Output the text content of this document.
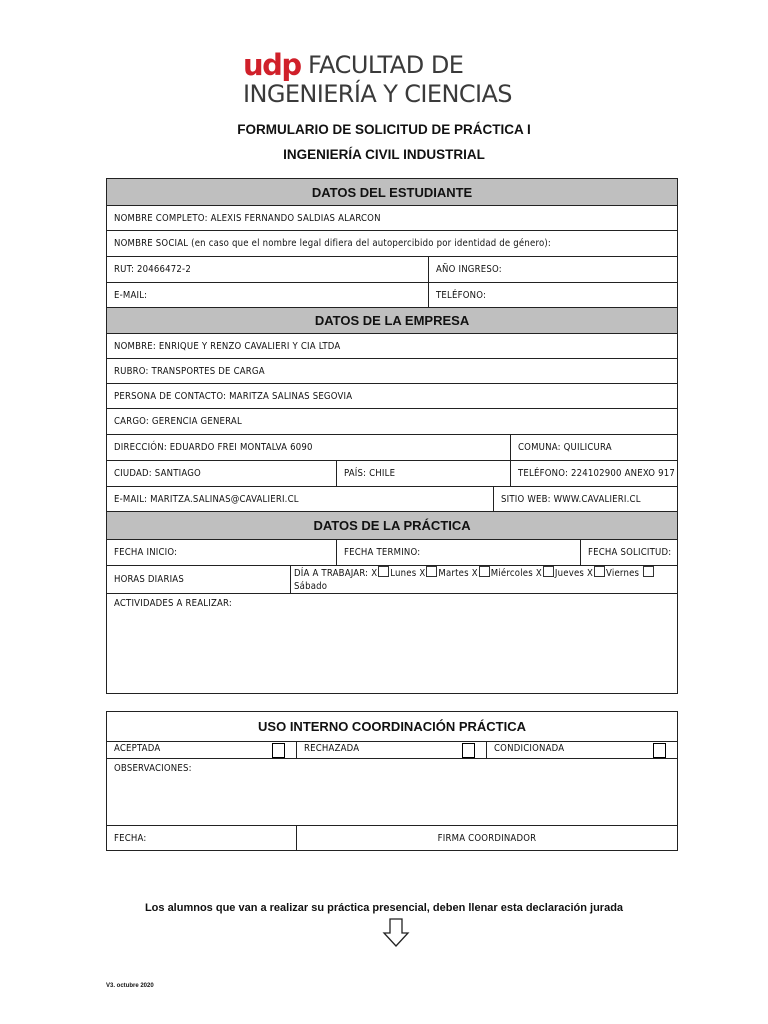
udp FACULTAD DE
INGENIERÍA Y CIENCIAS
FORMULARIO DE SOLICITUD DE PRÁCTICA I
INGENIERÍA CIVIL INDUSTRIAL
DATOS DEL ESTUDIANTE						
NOMBRE COMPLETO: ALEXIS FERNANDO SALDIAS ALARCON						
NOMBRE SOCIAL (en caso que el nombre legal difiera del autopercibido por identidad de género):						
RUT: 20466472-2			AÑO INGRESO:			
E-MAIL:			TELÉFONO:			
DATOS DE LA EMPRESA						
NOMBRE: ENRIQUE Y RENZO CAVALIERI Y CIA LTDA						
RUBRO: TRANSPORTES DE CARGA						
PERSONA DE CONTACTO: MARITZA SALINAS SEGOVIA						
CARGO: GERENCIA GENERAL						
DIRECCIÓN: EDUARDO FREI MONTALVA 6090					COMUNA: QUILICURA	
CIUDAD: SANTIAGO		PAÍS: CHILE			TELÉFONO: 224102900 ANEXO 917	
E-MAIL: MARITZA.SALINAS@CAVALIERI.CL				SITIO WEB: WWW.CAVALIERI.CL		
DATOS DE LA PRÁCTICA						
FECHA INICIO:		FECHA TERMINO:				FECHA SOLICITUD:
HORAS DIARIAS	DÍA A TRABAJAR: X Lunes X Martes X Miércoles X Jueves X Viernes Sábado					
ACTIVIDADES A REALIZAR:						
USO INTERNO COORDINACIÓN PRÁCTICA		
ACEPTADA	RECHAZADA	CONDICIONADA

OBSERVACIONES:		
FECHA:	FIRMA COORDINADOR	
Los alumnos que van a realizar su práctica presencial, deben llenar esta declaración jurada
V3. octubre 2020
